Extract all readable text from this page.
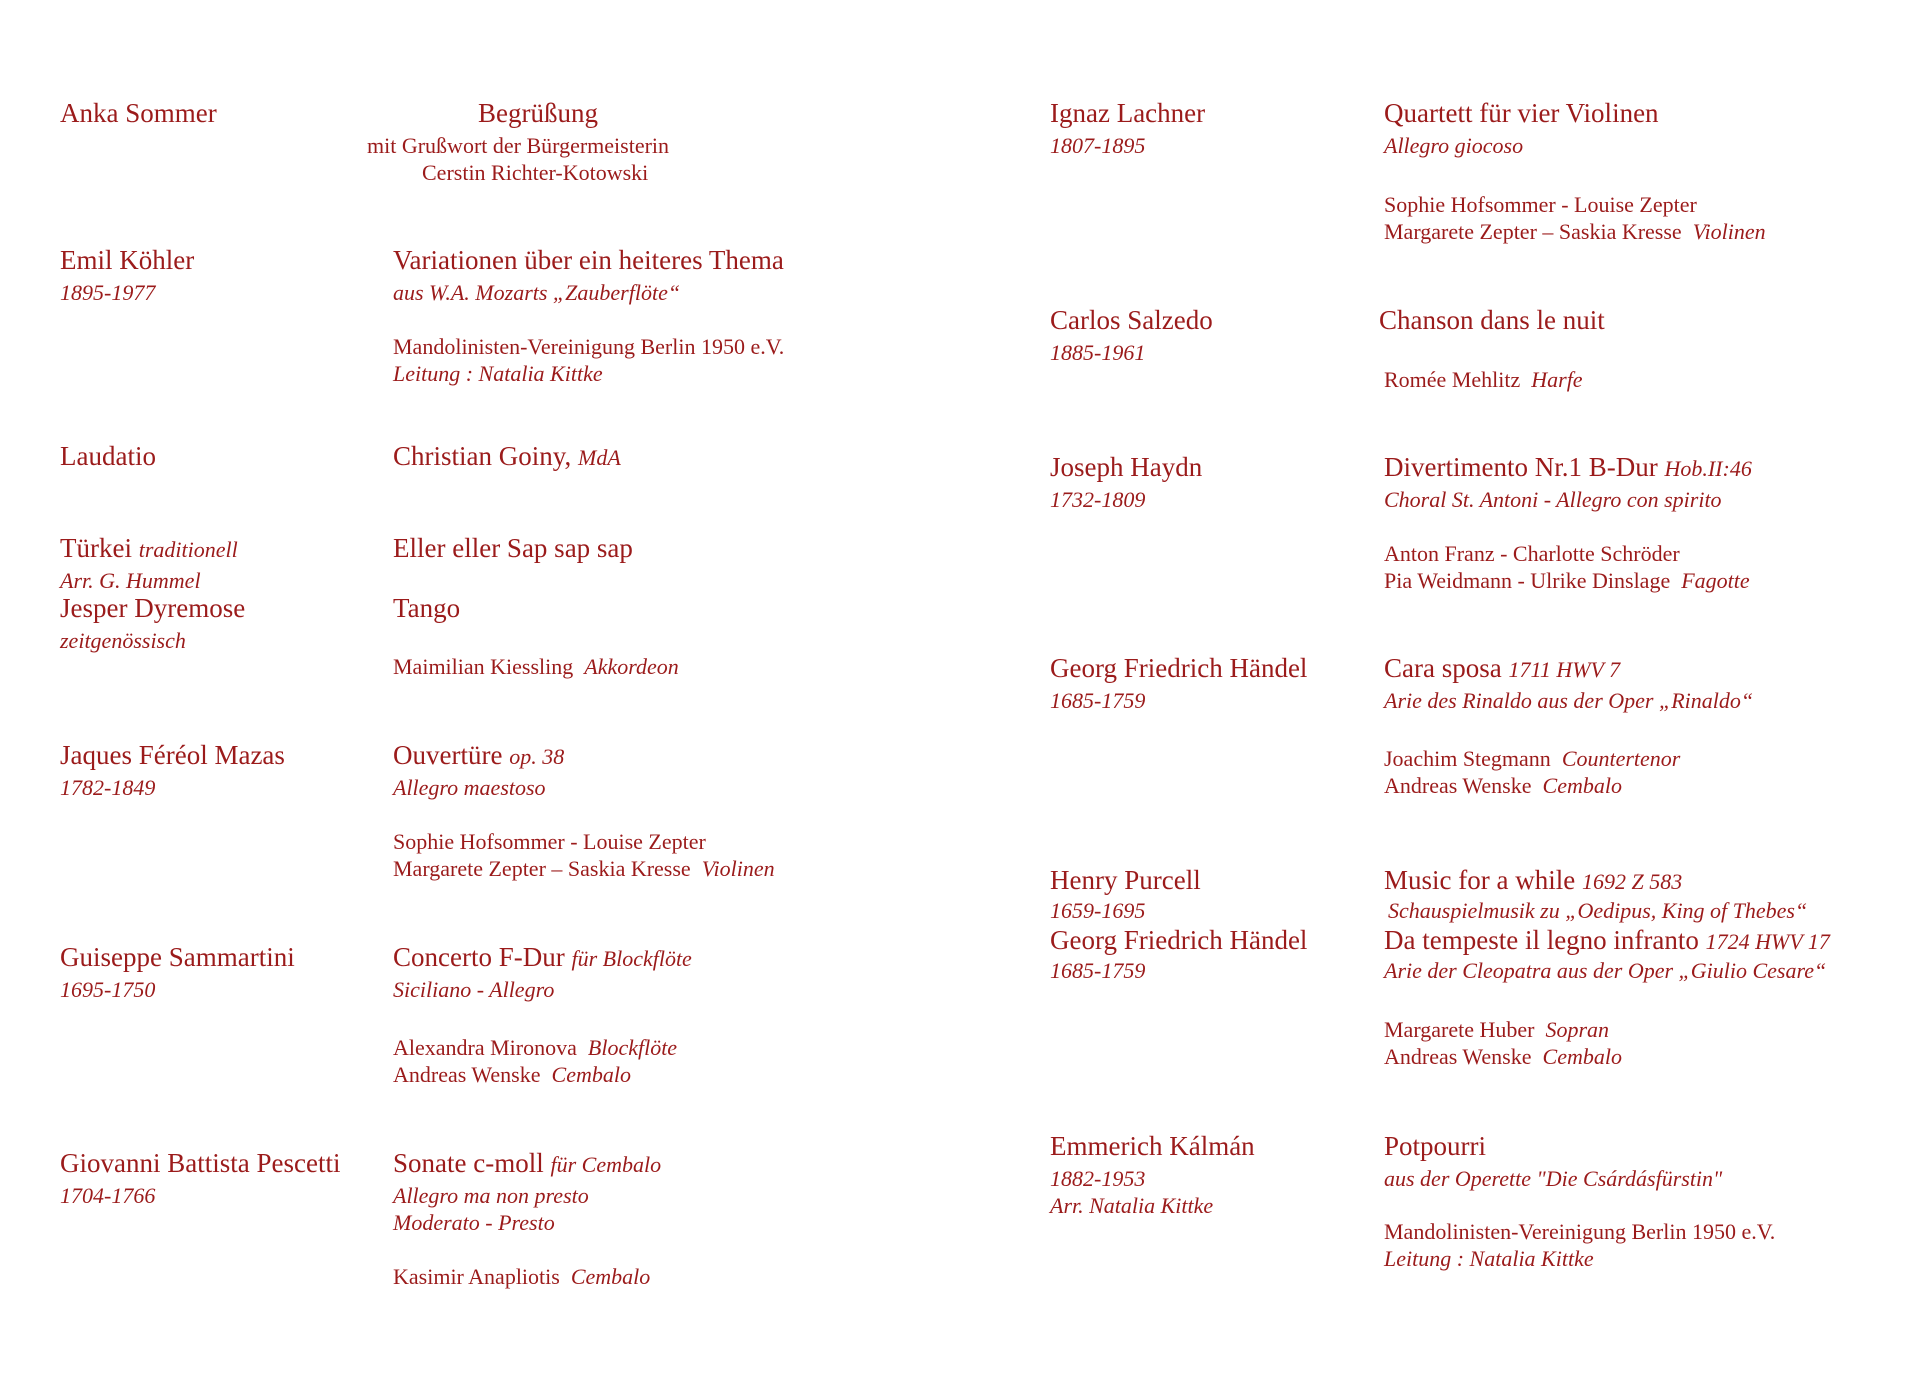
Anka Sommer	Begrüßung
mit Grußwort der Bürgermeisterin
Cerstin Richter-Kotowski
Emil Köhler
1895-1977
Variationen über ein heiteres Thema
aus W.A. Mozarts „Zauberflöte“
Mandolinisten-Vereinigung Berlin 1950 e.V.
Leitung : Natalia Kittke
Laudatio	Christian Goiny, MdA
Türkei traditionell
Arr. G. Hummel
Eller eller Sap sap sap
Jesper Dyremose
zeitgenössisch
Tango
Maimilian Kiessling Akkordeon
Jaques Féréol Mazas
1782-1849
Ouvertüre op. 38
Allegro maestoso
Sophie Hofsommer - Louise Zepter
Margarete Zepter – Saskia Kresse Violinen
Guiseppe Sammartini
1695-1750
Concerto F-Dur für Blockflöte
Siciliano - Allegro
Alexandra Mironova Blockflöte
Andreas Wenske Cembalo
Giovanni Battista Pescetti
1704-1766
Sonate c-moll für Cembalo
Allegro ma non presto
Moderato - Presto
Kasimir Anapliotis Cembalo
Ignaz Lachner
1807-1895
Quartett für vier Violinen
Allegro giocoso
Sophie Hofsommer - Louise Zepter
Margarete Zepter – Saskia Kresse Violinen
Carlos Salzedo
1885-1961
Chanson dans le nuit
Romée Mehlitz Harfe
Joseph Haydn
1732-1809
Divertimento Nr.1 B-Dur Hob.II:46
Choral St. Antoni - Allegro con spirito
Anton Franz - Charlotte Schröder
Pia Weidmann - Ulrike Dinslage Fagotte
Georg Friedrich Händel
1685-1759
Cara sposa 1711 HWV 7
Arie des Rinaldo aus der Oper „Rinaldo“
Joachim Stegmann Countertenor
Andreas Wenske Cembalo
Henry Purcell
1659-1695
Music for a while 1692 Z 583
Schauspielmusik zu „Oedipus, King of Thebes“
Georg Friedrich Händel
1685-1759
Da tempeste il legno infranto 1724 HWV 17
Arie der Cleopatra aus der Oper „Giulio Cesare“
Margarete Huber Sopran
Andreas Wenske Cembalo
Emmerich Kálmán
1882-1953
Arr. Natalia Kittke
Potpourri
aus der Operette "Die Csárdásfürstin"
Mandolinisten-Vereinigung Berlin 1950 e.V.
Leitung : Natalia Kittke
